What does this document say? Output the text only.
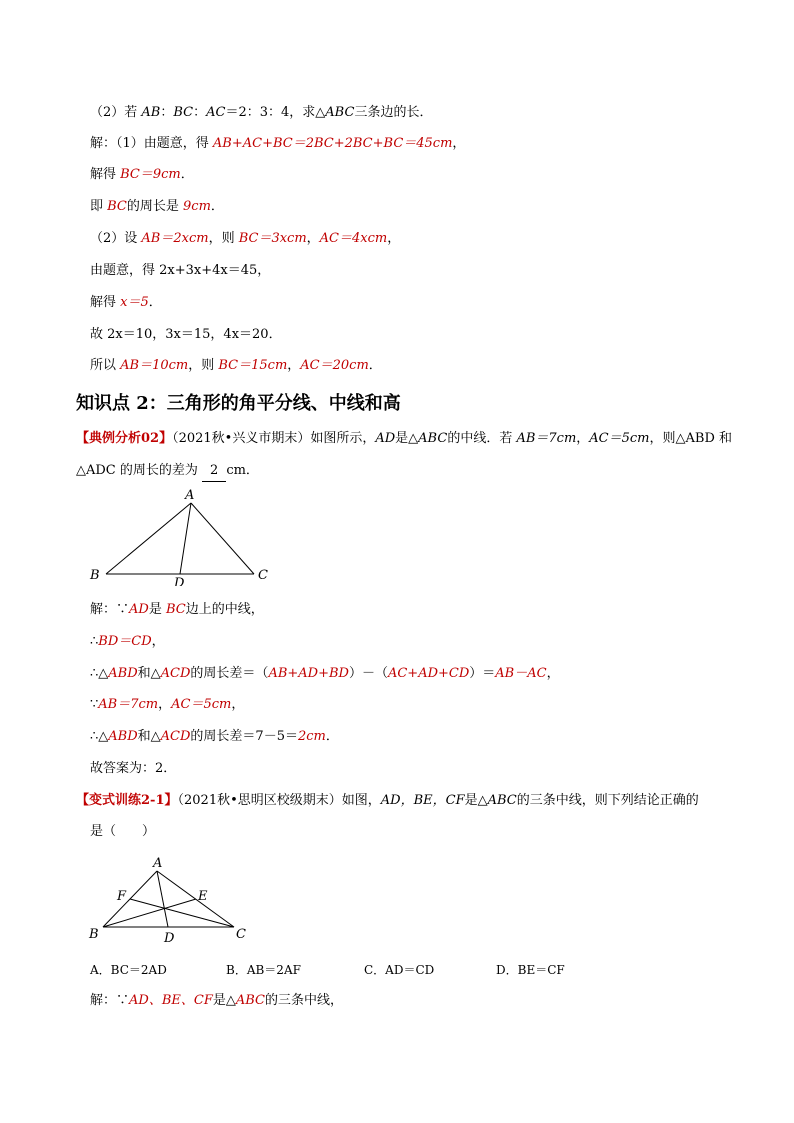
（2）若 AB：BC：AC＝2：3：4，求△ABC三条边的长．
解：（1）由题意，得 AB+AC+BC＝2BC+2BC+BC＝45cm，
解得 BC＝9cm．
即 BC的周长是 9cm．
（2）设 AB＝2xcm，则 BC＝3xcm，AC＝4xcm，
由题意，得 2x+3x+4x＝45，
解得 x＝5．
故 2x＝10，3x＝15，4x＝20．
所以 AB＝10cm，则 BC＝15cm，AC＝20cm．
知识点 2：三角形的角平分线、中线和高
【典例分析02】（2021秋•兴义市期末）如图所示，AD是△ABC的中线．若 AB＝7cm，AC＝5cm，则△ABD 和
△ADC 的周长的差为 2 cm．
A
B	C
D
解：∵AD是 BC边上的中线，
∴BD＝CD，
∴△ABD和△ACD的周长差＝（AB+AD+BD）－（AC+AD+CD）＝AB－AC，
∵AB＝7cm，AC＝5cm，
∴△ABD和△ACD的周长差＝7－5＝2cm．
故答案为：2．
【变式训练2-1】（2021秋•思明区校级期末）如图，AD，BE，CF是△ABC的三条中线，则下列结论正确的
是（　　）
A
B	C
D
E
F
A．BC＝2AD	B．AB＝2AF	C．AD＝CD	D．BE＝CF
解：∵AD、BE、CF是△ABC的三条中线，
